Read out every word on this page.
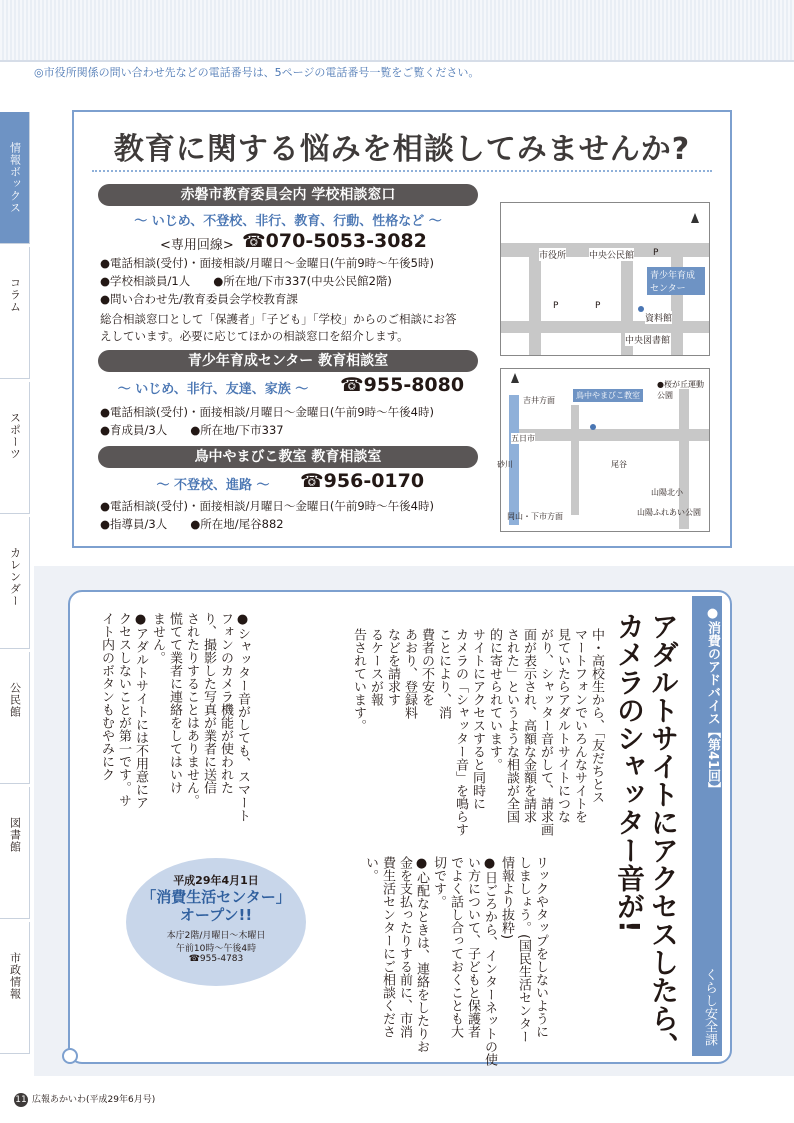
◎市役所関係の問い合わせ先などの電話番号は、5ページの電話番号一覧をご覧ください。
情報ボックス
コラム
スポーツ
カレンダー
公民館
図書館
市政情報
教育に関する悩みを相談してみませんか?
赤磐市教育委員会内 学校相談窓口
～ いじめ、不登校、非行、教育、行動、性格など ～
<専用回線> ☎070-5053-3082
●電話相談(受付)・面接相談/月曜日～金曜日(午前9時～午後5時)
●学校相談員/1人　　●所在地/下市337(中央公民館2階)
●問い合わせ先/教育委員会学校教育課
総合相談窓口として「保護者」「子ども」「学校」からのご相談にお答
えしています。必要に応じてほかの相談窓口を紹介します。
青少年育成センター 教育相談室
～ いじめ、非行、友達、家族 ～	☎955-8080
●電話相談(受付)・面接相談/月曜日～金曜日(午前9時～午後4時)
●育成員/3人　　●所在地/下市337
鳥中やまびこ教室 教育相談室
～ 不登校、進路 ～	☎956-0170
●電話相談(受付)・面接相談/月曜日～金曜日(午前9時～午後4時)
●指導員/3人　　●所在地/尾谷882
市役所	中央公民館 P
P	P
青少年育成センター
資料館
中央図書館
吉井方面
鳥中やまびこ教室
●桜が丘運動公園
五日市
砂川	尾谷
山陽北小
山陽ふれあい公園
岡山・下市方面
●消費のアドバイス【第41回】
くらし安全課
アダルトサイトにアクセスしたら、
カメラのシャッター音が!
中・高校生から、「友だちとス
マートフォンでいろんなサイトを
見ていたらアダルトサイトにつな
がり、シャッター音がして、請求画
面が表示され、高額な金額を請求
された」というような相談が全国
的に寄せられています。
サイトにアクセスすると同時に
カメラの「シャッター音」を鳴らす
ことにより、消
費者の不安を
あおり、登録料
などを請求す
るケースが報
告されています。
●シャッター音がしても、スマート
フォンのカメラ機能が使われた
り、撮影した写真が業者に送信
されたりすることはありません。
慌てて業者に連絡をしてはいけ
ません。
●アダルトサイトには不用意にア
クセスしないことが第一です。サ
イト内のボタンもむやみにク
リックやタップをしないように
しましょう。(国民生活センター
情報より抜粋)
●日ごろから、インターネットの使
い方について、子どもと保護者
でよく話し合っておくことも大
切です。
●心配なときは、連絡をしたりお
金を支払ったりする前に、市消
費生活センターにご相談くださ
い。
平成29年4月1日
「消費生活センター」
オープン!!
本庁2階/月曜日～木曜日
午前10時～午後4時
☎955-4783
11 広報あかいわ(平成29年6月号)
